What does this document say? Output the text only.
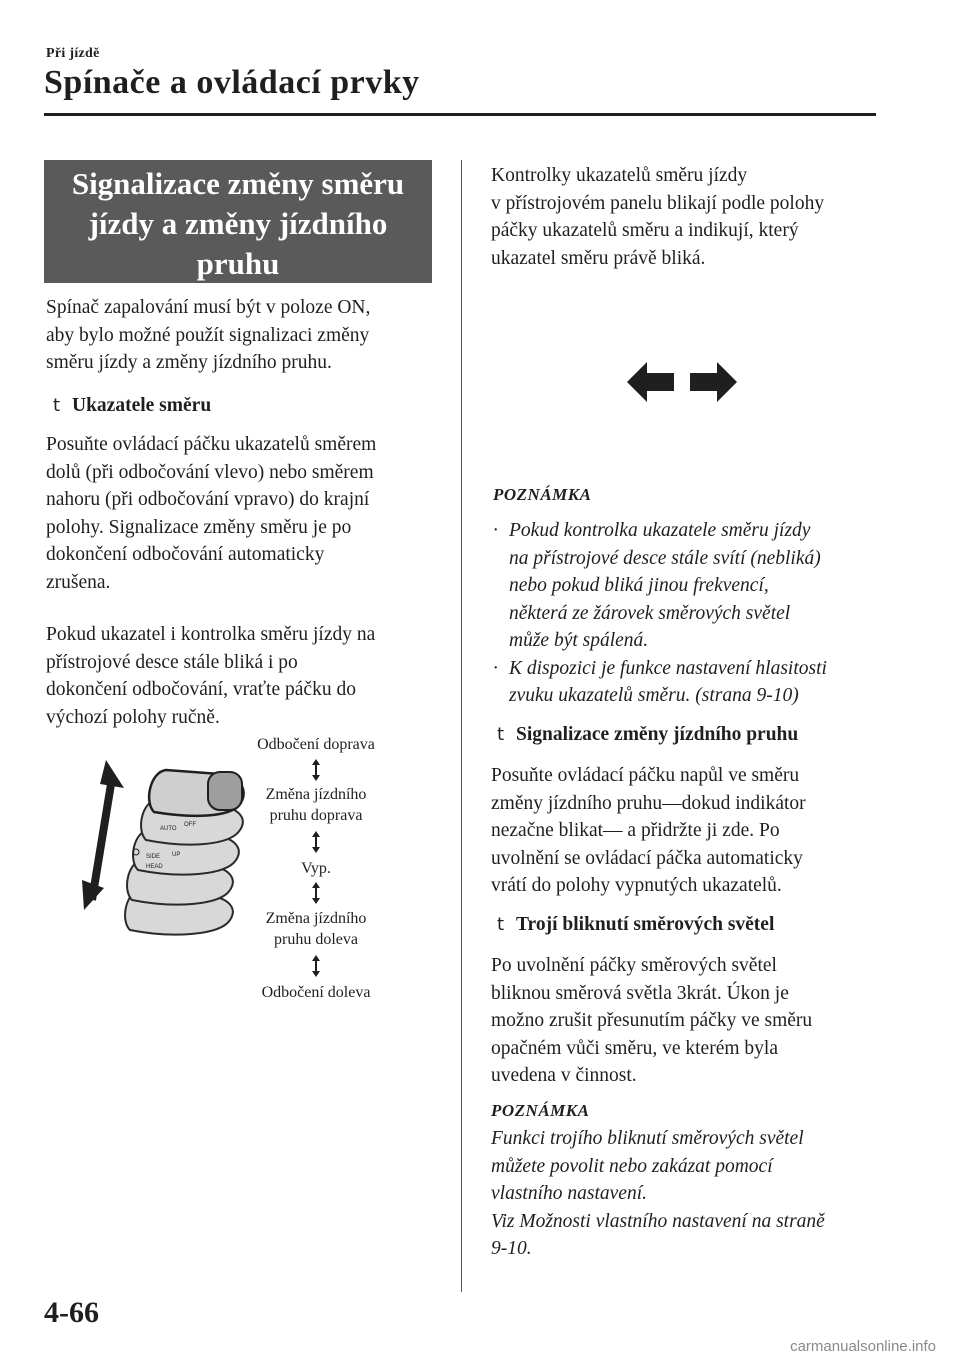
Při jízdě
Spínače a ovládací prvky
Signalizace změny směru
jízdy a změny jízdního
pruhu
Spínač zapalování musí být v poloze ON,
aby bylo možné použít signalizaci změny
směru jízdy a změny jízdního pruhu.
t Ukazatele směru
Posuňte ovládací páčku ukazatelů směrem
dolů (při odbočování vlevo) nebo směrem
nahoru (při odbočování vpravo) do krajní
polohy. Signalizace změny směru je po
dokončení odbočování automaticky
zrušena.
Pokud ukazatel i kontrolka směru jízdy na
přístrojové desce stále bliká i po
dokončení odbočování, vraťte páčku do
výchozí polohy ručně.
AUTO
OFF
SIDE
HEAD
UP
Odbočení doprava
Změna jízdního
pruhu doprava
Vyp.
Změna jízdního
pruhu doleva
Odbočení doleva
Kontrolky ukazatelů směru jízdy
v přístrojovém panelu blikají podle polohy
páčky ukazatelů směru a indikují, který
ukazatel směru právě bliká.
POZNÁMKA
· Pokud kontrolka ukazatele směru jízdy
na přístrojové desce stále svítí (nebliká)
nebo pokud bliká jinou frekvencí,
některá ze žárovek směrových světel
může být spálená.
· K dispozici je funkce nastavení hlasitosti
zvuku ukazatelů směru. (strana 9-10)
t Signalizace změny jízdního pruhu
Posuňte ovládací páčku napůl ve směru
změny jízdního pruhu—dokud indikátor
nezačne blikat— a přidržte ji zde. Po
uvolnění se ovládací páčka automaticky
vrátí do polohy vypnutých ukazatelů.
t Trojí bliknutí směrových světel
Po uvolnění páčky směrových světel
bliknou směrová světla 3krát. Úkon je
možno zrušit přesunutím páčky ve směru
opačném vůči směru, ve kterém byla
uvedena v činnost.
POZNÁMKA
Funkci trojího bliknutí směrových světel
můžete povolit nebo zakázat pomocí
vlastního nastavení.
Viz Možnosti vlastního nastavení na straně
9-10.
4-66
carmanualsonline.info
